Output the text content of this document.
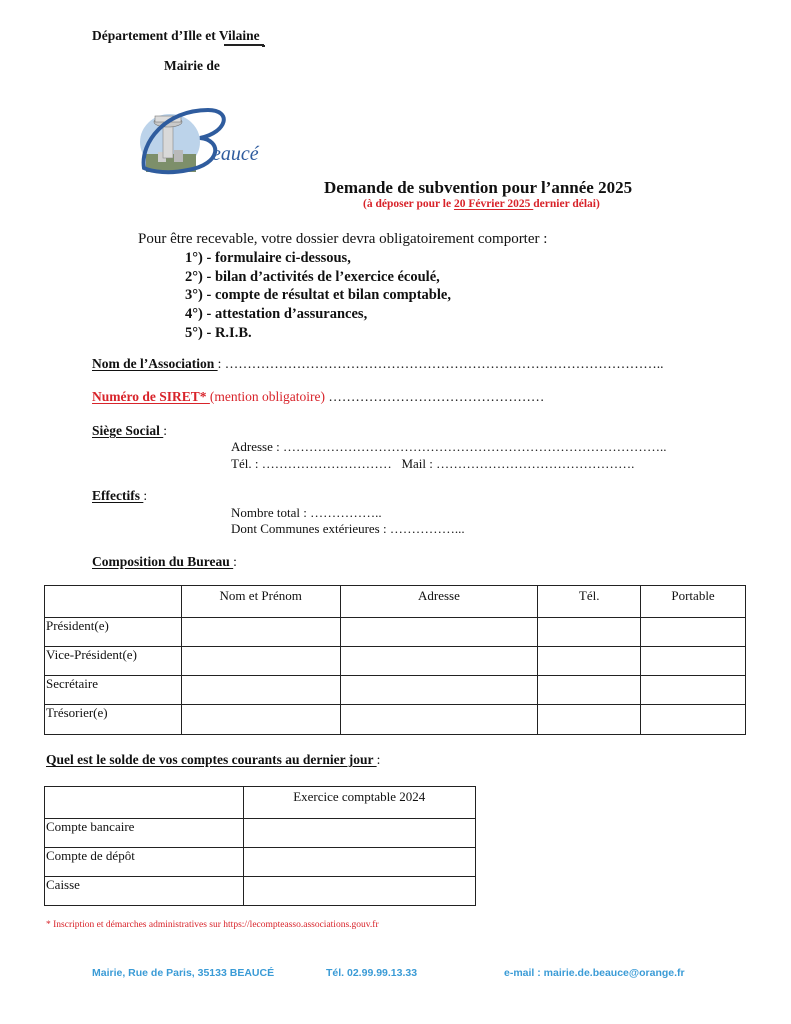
Département d’Ille et Vilaine
Mairie de
eaucé
Demande de subvention pour l’année 2025
(à déposer pour le 20 Février 2025 dernier délai)
Pour être recevable, votre dossier devra obligatoirement comporter :
1°) - formulaire ci-dessous,
2°) - bilan d’activités de l’exercice écoulé,
3°) - compte de résultat et bilan comptable,
4°) - attestation d’assurances,
5°) - R.I.B.
Nom de l’Association : ……………………………………………………………………………………..
Numéro de SIRET* (mention obligatoire) …………………………………………
Siège Social :
Adresse : ……………………………………………………………………………..
Tél. : …………………………   Mail : ……………………………………….
Effectifs :
Nombre total : ……………..
Dont Communes extérieures : ……………...
Composition du Bureau :
	Nom et Prénom	Adresse	Tél.	Portable
Président(e)				
Vice-Président(e)				
Secrétaire				
Trésorier(e)				
Quel est le solde de vos comptes courants au dernier jour :
	Exercice comptable 2024
Compte bancaire	
Compte de dépôt	
Caisse	
* Inscription et démarches administratives sur https://lecompteasso.associations.gouv.fr
Mairie, Rue de Paris, 35133 BEAUCÉ	Tél. 02.99.99.13.33	e-mail : mairie.de.beauce@orange.fr
